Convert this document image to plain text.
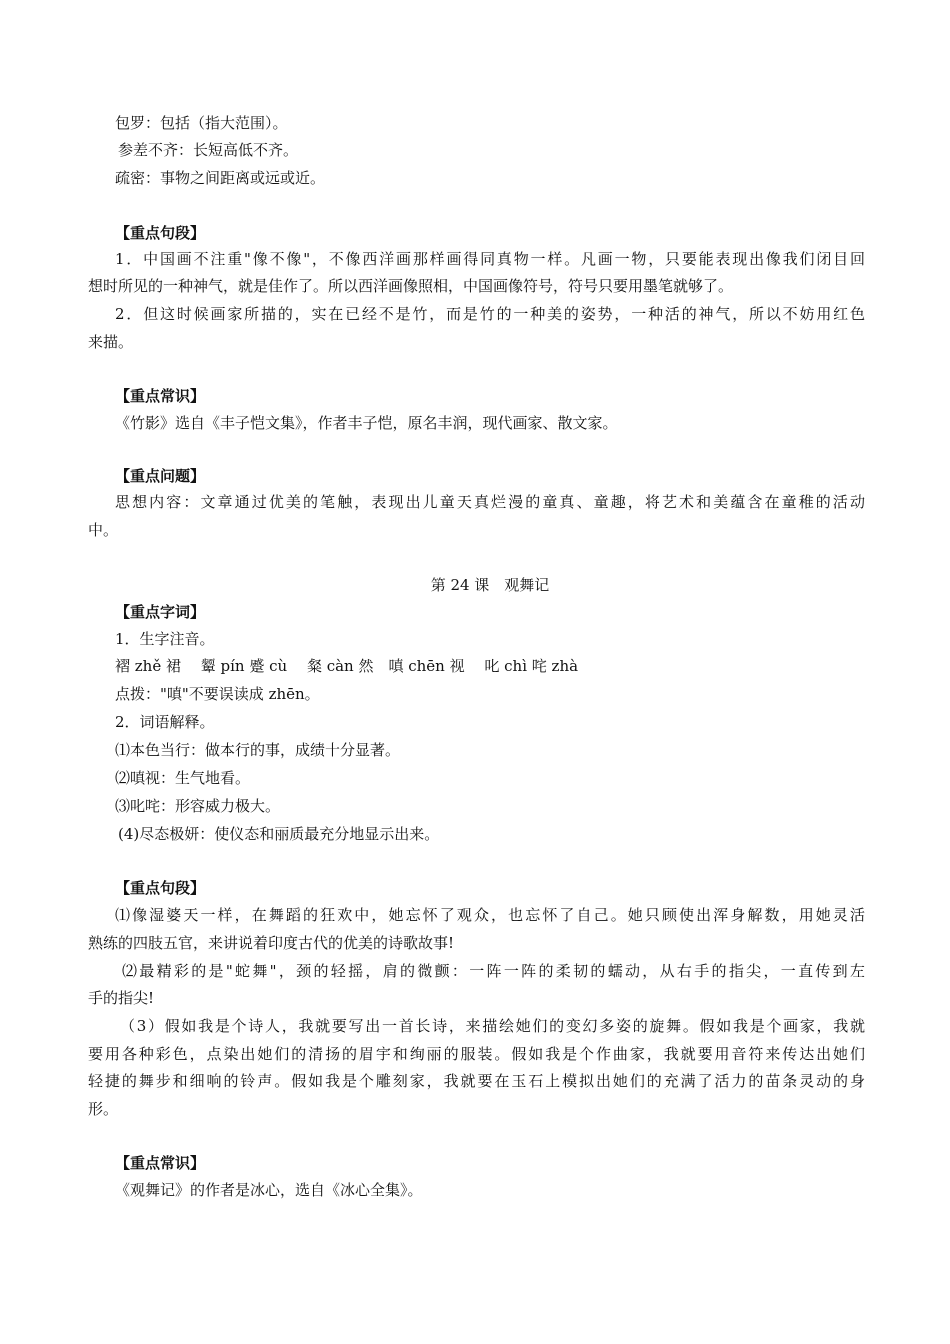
包罗：包括（指大范围）。
参差不齐：长短高低不齐。
疏密：事物之间距离或远或近。
【重点句段】
1．中国画不注重"像不像"，不像西洋画那样画得同真物一样。凡画一物，只要能表现出像我们闭目回
想时所见的一种神气，就是佳作了。所以西洋画像照相，中国画像符号，符号只要用墨笔就够了。
2．但这时候画家所描的，实在已经不是竹，而是竹的一种美的姿势，一种活的神气，所以不妨用红色
来描。
【重点常识】
《竹影》选自《丰子恺文集》，作者丰子恺，原名丰润，现代画家、散文家。
【重点问题】
思想内容：文章通过优美的笔触，表现出儿童天真烂漫的童真、童趣，将艺术和美蕴含在童稚的活动
中。
第 24 课　观舞记
【重点字词】
1．生字注音。
褶 zhě 裙　 颦 pín 蹙 cù　 粲 càn 然　嗔 chēn 视　 叱 chì 咤 zhà
点拨："嗔"不要误读成 zhēn。
2．词语解释。
⑴本色当行：做本行的事，成绩十分显著。
⑵嗔视：生气地看。
⑶叱咤：形容威力极大。
(4)尽态极妍：使仪态和丽质最充分地显示出来。
【重点句段】
⑴像湿婆天一样，在舞蹈的狂欢中，她忘怀了观众，也忘怀了自己。她只顾使出浑身解数，用她灵活
熟练的四肢五官，来讲说着印度古代的优美的诗歌故事!
⑵最精彩的是"蛇舞"，颈的轻摇，肩的微颤：一阵一阵的柔韧的蠕动，从右手的指尖，一直传到左
手的指尖!
（3）假如我是个诗人，我就要写出一首长诗，来描绘她们的变幻多姿的旋舞。假如我是个画家，我就
要用各种彩色，点染出她们的清扬的眉宇和绚丽的服装。假如我是个作曲家，我就要用音符来传达出她们
轻捷的舞步和细响的铃声。假如我是个雕刻家，我就要在玉石上模拟出她们的充满了活力的苗条灵动的身
形。
【重点常识】
《观舞记》的作者是冰心，选自《冰心全集》。
